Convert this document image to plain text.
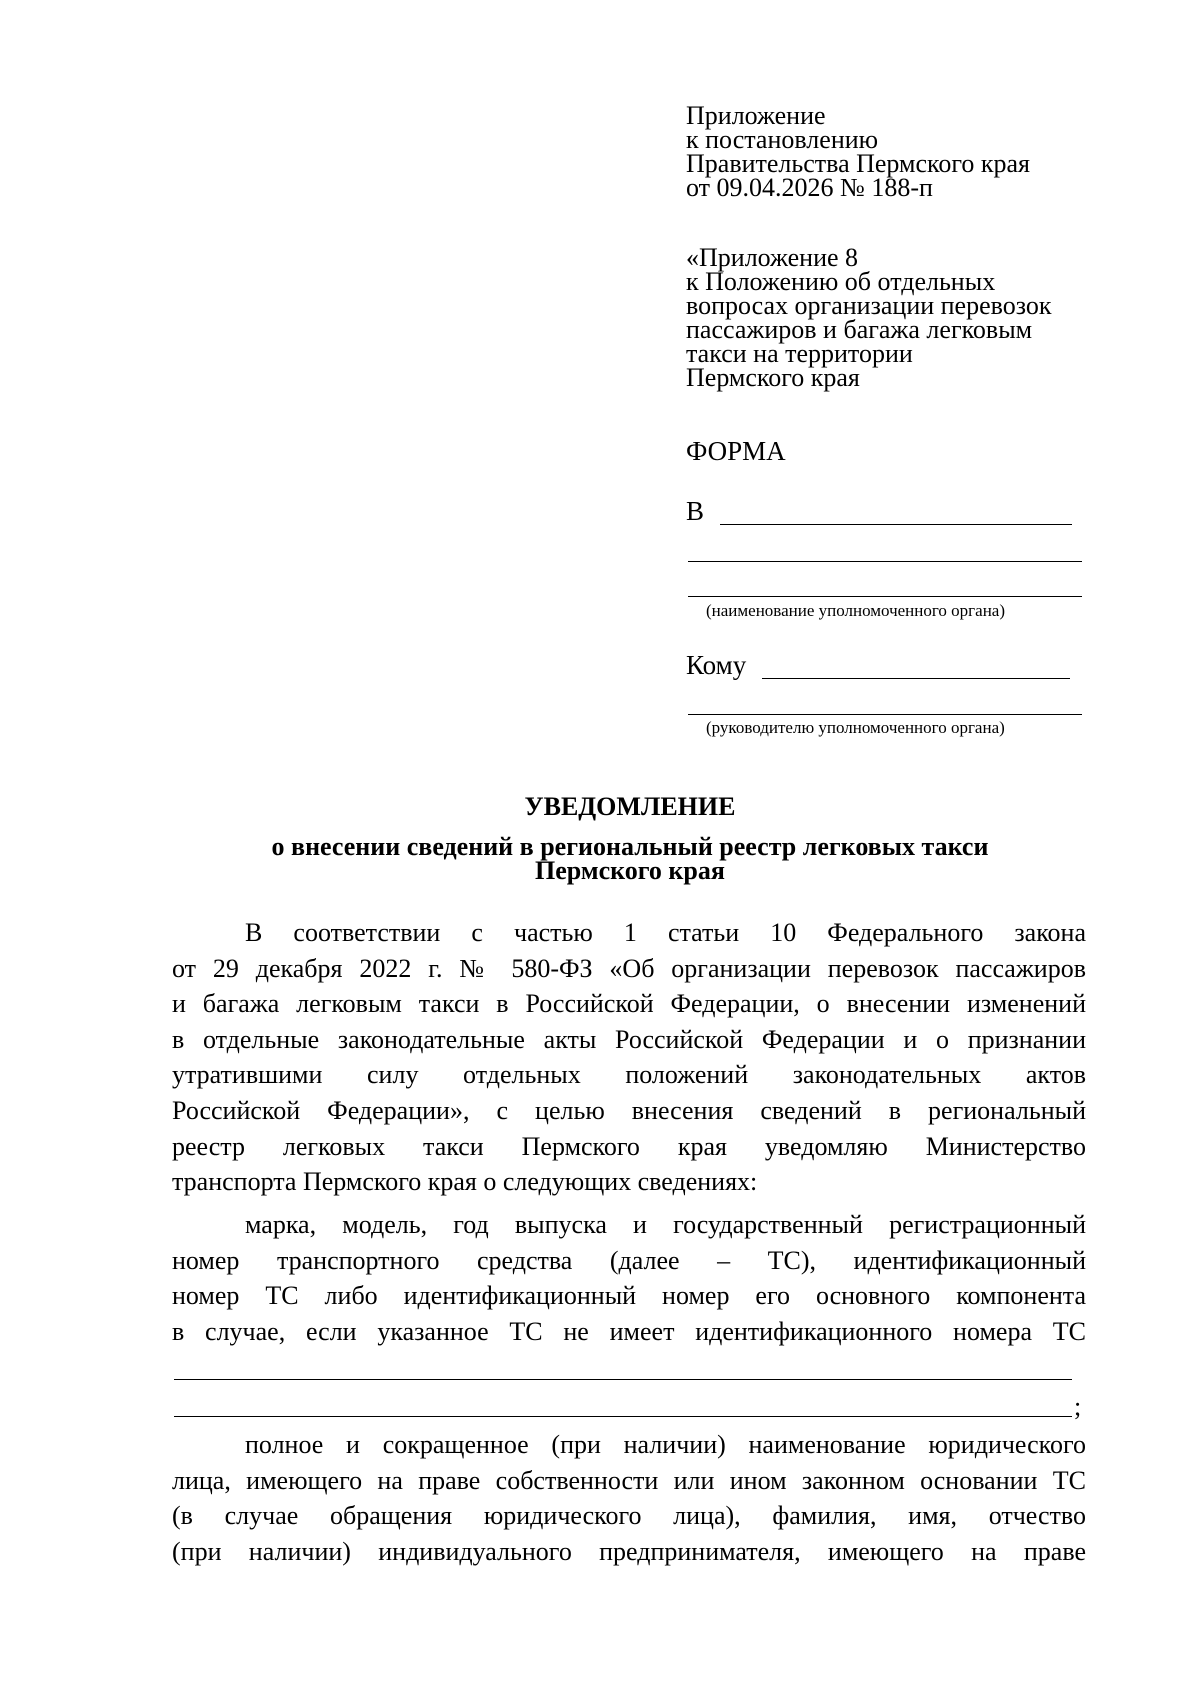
Приложение
к постановлению
Правительства Пермского края
от 09.04.2026 № 188-п
«Приложение 8
к Положению об отдельных
вопросах организации перевозок
пассажиров и багажа легковым
такси на территории
Пермского края
ФОРМА
В
(наименование уполномоченного органа)
Кому
(руководителю уполномоченного органа)
УВЕДОМЛЕНИЕ
о внесении сведений в региональный реестр легковых такси
Пермского края
В соответствии с частью 1 статьи 10 Федерального закона
от 29 декабря 2022 г. № 580-ФЗ «Об организации перевозок пассажиров
и багажа легковым такси в Российской Федерации, о внесении изменений
в отдельные законодательные акты Российской Федерации и о признании
утратившими силу отдельных положений законодательных актов
Российской Федерации», с целью внесения сведений в региональный
реестр легковых такси Пермского края уведомляю Министерство
транспорта Пермского края о следующих сведениях:
марка, модель, год выпуска и государственный регистрационный
номер транспортного средства (далее – ТС), идентификационный
номер ТС либо идентификационный номер его основного компонента
в случае, если указанное ТС не имеет идентификационного номера ТС
;
полное и сокращенное (при наличии) наименование юридического
лица, имеющего на праве собственности или ином законном основании ТС
(в случае обращения юридического лица), фамилия, имя, отчество
(при наличии) индивидуального предпринимателя, имеющего на праве
